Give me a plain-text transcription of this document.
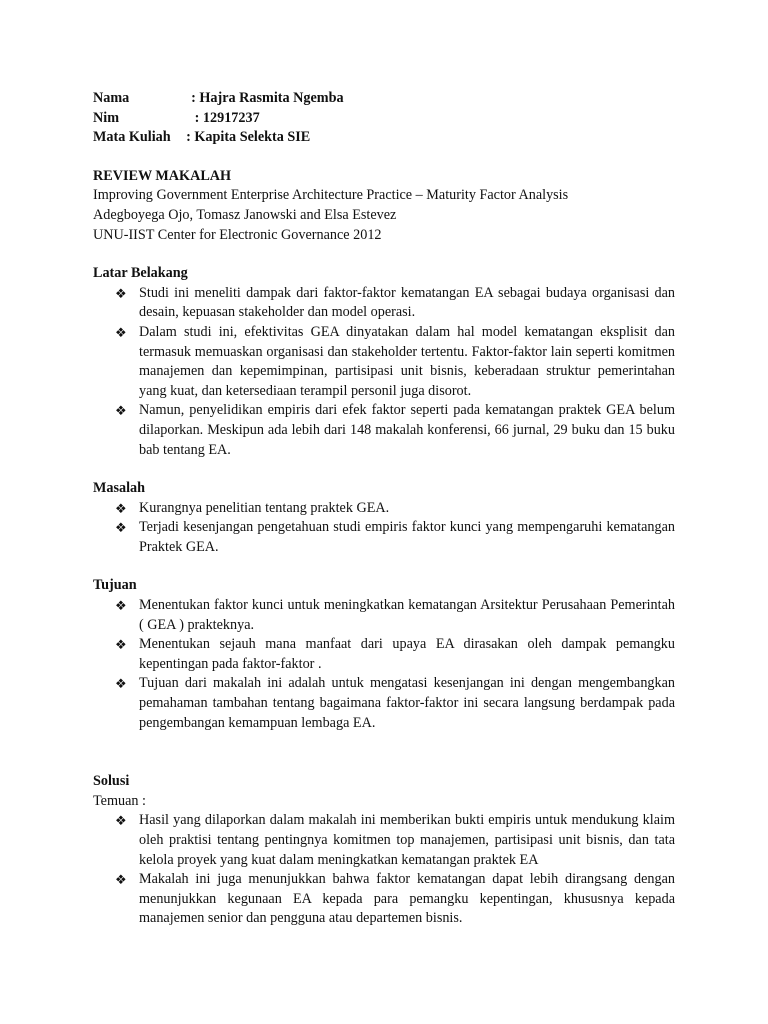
Nama	: Hajra Rasmita Ngemba
Nim	: 12917237
Mata Kuliah : Kapita Selekta SIE
REVIEW MAKALAH
Improving Government Enterprise Architecture Practice – Maturity Factor Analysis
Adegboyega Ojo, Tomasz Janowski and Elsa Estevez
UNU-IIST Center for Electronic Governance 2012
Latar Belakang
❖ Studi ini meneliti dampak dari faktor-faktor kematangan EA sebagai budaya organisasi dan desain, kepuasan stakeholder dan model operasi.
❖ Dalam studi ini, efektivitas GEA dinyatakan dalam hal model kematangan eksplisit dan termasuk memuaskan organisasi dan stakeholder tertentu. Faktor-faktor lain seperti komitmen manajemen dan kepemimpinan, partisipasi unit bisnis, keberadaan struktur pemerintahan yang kuat, dan ketersediaan terampil personil juga disorot.
❖ Namun, penyelidikan empiris dari efek faktor seperti pada kematangan praktek GEA belum dilaporkan. Meskipun ada lebih dari 148 makalah konferensi, 66 jurnal, 29 buku dan 15 buku bab tentang EA.
Masalah
❖ Kurangnya penelitian tentang praktek GEA.
❖ Terjadi kesenjangan pengetahuan studi empiris faktor kunci yang mempengaruhi kematangan Praktek GEA.
Tujuan
❖ Menentukan faktor kunci untuk meningkatkan kematangan Arsitektur Perusahaan Pemerintah ( GEA ) prakteknya.
❖ Menentukan sejauh mana manfaat dari upaya EA dirasakan oleh dampak pemangku kepentingan pada faktor-faktor .
❖ Tujuan dari makalah ini adalah untuk mengatasi kesenjangan ini dengan mengembangkan pemahaman tambahan tentang bagaimana faktor-faktor ini secara langsung berdampak pada pengembangan kemampuan lembaga EA.
Solusi
Temuan :
❖ Hasil yang dilaporkan dalam makalah ini memberikan bukti empiris untuk mendukung klaim oleh praktisi tentang pentingnya komitmen top manajemen, partisipasi unit bisnis, dan tata kelola proyek yang kuat dalam meningkatkan kematangan praktek EA
❖ Makalah ini juga menunjukkan bahwa faktor kematangan dapat lebih dirangsang dengan menunjukkan kegunaan EA kepada para pemangku kepentingan, khususnya kepada manajemen senior dan pengguna atau departemen bisnis.
